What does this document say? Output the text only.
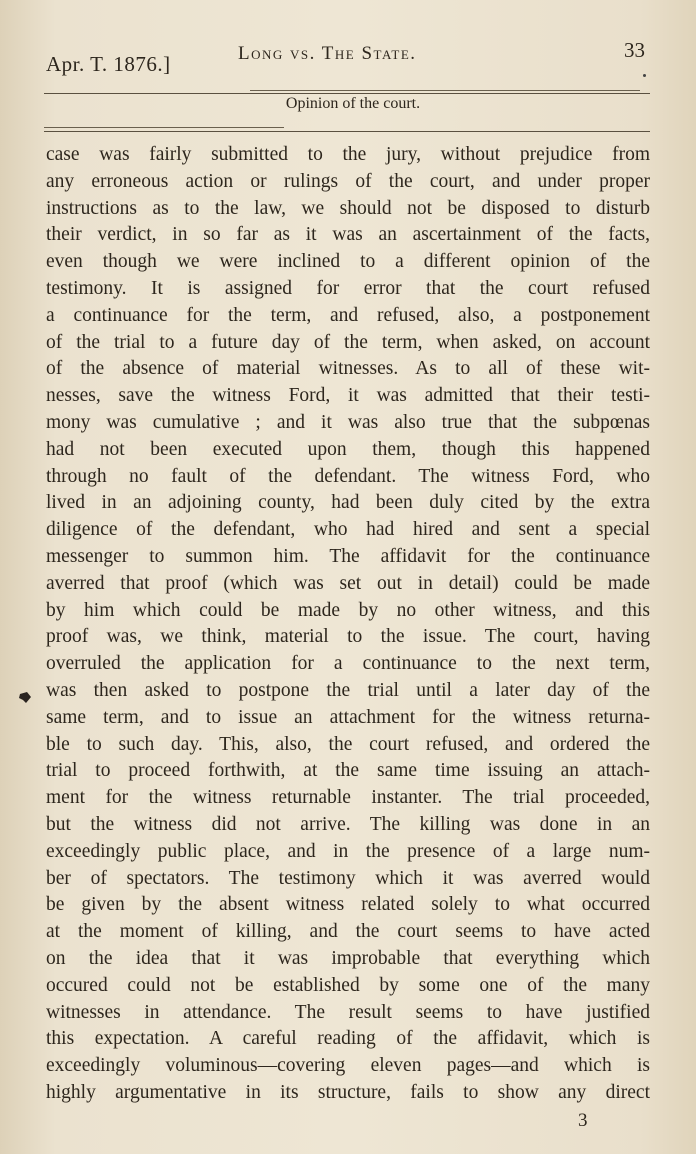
Apr. T. 1876.]	Long vs. The State.	33
Opinion of the court.
case was fairly submitted to the jury, without prejudice from
any erroneous action or rulings of the court, and under proper
instructions as to the law, we should not be disposed to disturb
their verdict, in so far as it was an ascertainment of the facts,
even though we were inclined to a different opinion of the
testimony. It is assigned for error that the court refused
a continuance for the term, and refused, also, a postponement
of the trial to a future day of the term, when asked, on account
of the absence of material witnesses. As to all of these wit-
nesses, save the witness Ford, it was admitted that their testi-
mony was cumulative ; and it was also true that the subpœnas
had not been executed upon them, though this happened
through no fault of the defendant. The witness Ford, who
lived in an adjoining county, had been duly cited by the extra
diligence of the defendant, who had hired and sent a special
messenger to summon him. The affidavit for the continuance
averred that proof (which was set out in detail) could be made
by him which could be made by no other witness, and this
proof was, we think, material to the issue. The court, having
overruled the application for a continuance to the next term,
was then asked to postpone the trial until a later day of the
same term, and to issue an attachment for the witness returna-
ble to such day. This, also, the court refused, and ordered the
trial to proceed forthwith, at the same time issuing an attach-
ment for the witness returnable instanter. The trial proceeded,
but the witness did not arrive. The killing was done in an
exceedingly public place, and in the presence of a large num-
ber of spectators. The testimony which it was averred would
be given by the absent witness related solely to what occurred
at the moment of killing, and the court seems to have acted
on the idea that it was improbable that everything which
occured could not be established by some one of the many
witnesses in attendance. The result seems to have justified
this expectation. A careful reading of the affidavit, which is
exceedingly voluminous—covering eleven pages—and which is
highly argumentative in its structure, fails to show any direct
3
